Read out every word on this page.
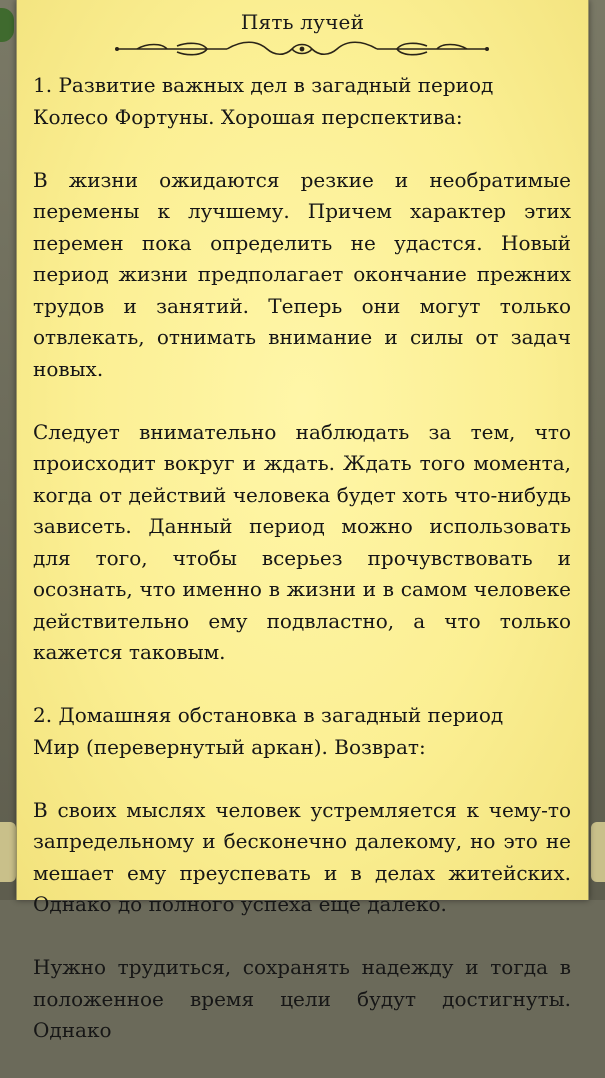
Пять лучей
1. Развитие важных дел в загадный период
Колесо Фортуны. Хорошая перспектива:

В жизни ожидаются резкие и необратимые перемены к лучшему. Причем характер этих перемен пока определить не удастся. Новый период жизни предполагает окончание прежних трудов и занятий. Теперь они могут только отвлекать, отнимать внимание и силы от задач новых.

Следует внимательно наблюдать за тем, что происходит вокруг и ждать. Ждать того момента, когда от действий человека будет хоть что-нибудь зависеть. Данный период можно использовать для того, чтобы всерьез прочувствовать и осознать, что именно в жизни и в самом человеке действительно ему подвластно, а что только кажется таковым.

2. Домашняя обстановка в загадный период
Мир (перевернутый аркан). Возврат:

В своих мыслях человек устремляется к чему-то запредельному и бесконечно далекому, но это не мешает ему преуспевать и в делах житейских. Однако до полного успеха еще далеко.

Нужно трудиться, сохранять надежду и тогда в положенное время цели будут достигнуты. Однако
